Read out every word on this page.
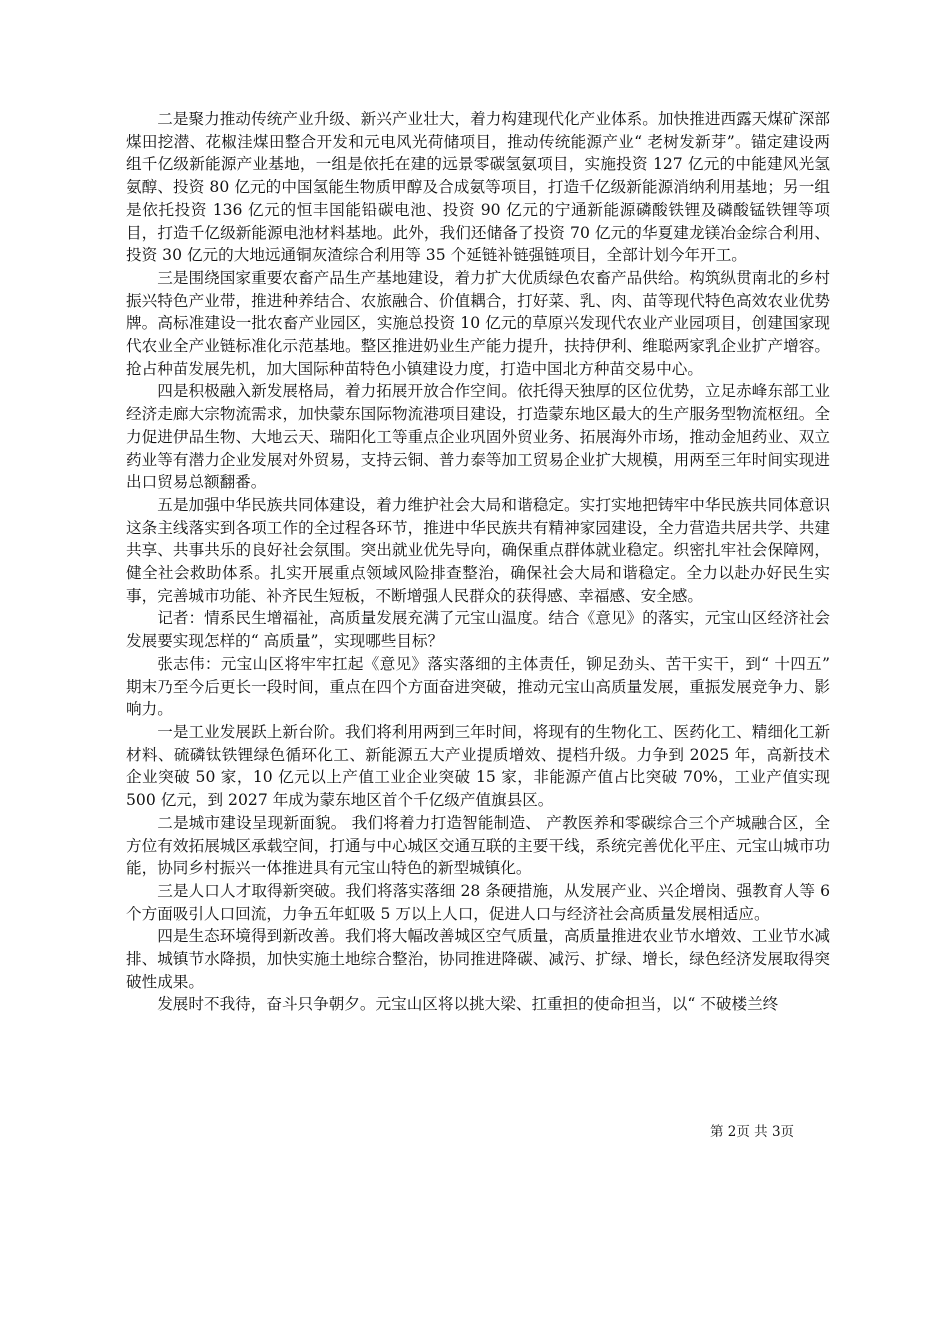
二是聚力推动传统产业升级、新兴产业壮大，着力构建现代化产业体系。加快推进西露天煤矿深部煤田挖潜、花椒洼煤田整合开发和元电风光荷储项目，推动传统能源产业“ 老树发新芽”。锚定建设两组千亿级新能源产业基地，一组是依托在建的远景零碳氢氨项目，实施投资 127 亿元的中能建风光氢氨醇、投资 80 亿元的中国氢能生物质甲醇及合成氨等项目，打造千亿级新能源消纳利用基地；另一组是依托投资 136 亿元的恒丰国能铅碳电池、投资 90 亿元的宁通新能源磷酸铁锂及磷酸锰铁锂等项目，打造千亿级新能源电池材料基地。此外，我们还储备了投资 70 亿元的华夏建龙镁冶金综合利用、投资 30 亿元的大地远通铜灰渣综合利用等 35 个延链补链强链项目，全部计划今年开工。

三是围绕国家重要农畜产品生产基地建设，着力扩大优质绿色农畜产品供给。构筑纵贯南北的乡村振兴特色产业带，推进种养结合、农旅融合、价值耦合，打好菜、乳、肉、苗等现代特色高效农业优势牌。高标准建设一批农畜产业园区，实施总投资 10 亿元的草原兴发现代农业产业园项目，创建国家现代农业全产业链标准化示范基地。整区推进奶业生产能力提升，扶持伊利、维聪两家乳企业扩产增容。抢占种苗发展先机，加大国际种苗特色小镇建设力度，打造中国北方种苗交易中心。

四是积极融入新发展格局，着力拓展开放合作空间。依托得天独厚的区位优势，立足赤峰东部工业经济走廊大宗物流需求，加快蒙东国际物流港项目建设，打造蒙东地区最大的生产服务型物流枢纽。全力促进伊品生物、大地云天、瑞阳化工等重点企业巩固外贸业务、拓展海外市场，推动金旭药业、双立药业等有潜力企业发展对外贸易，支持云铜、普力泰等加工贸易企业扩大规模，用两至三年时间实现进出口贸易总额翻番。

五是加强中华民族共同体建设，着力维护社会大局和谐稳定。实打实地把铸牢中华民族共同体意识这条主线落实到各项工作的全过程各环节，推进中华民族共有精神家园建设，全力营造共居共学、共建共享、共事共乐的良好社会氛围。突出就业优先导向，确保重点群体就业稳定。织密扎牢社会保障网，健全社会救助体系。扎实开展重点领域风险排查整治，确保社会大局和谐稳定。全力以赴办好民生实事，完善城市功能、补齐民生短板，不断增强人民群众的获得感、幸福感、安全感。

记者：情系民生增福祉，高质量发展充满了元宝山温度。结合《意见》的落实，元宝山区经济社会发展要实现怎样的“ 高质量”，实现哪些目标？

张志伟：元宝山区将牢牢扛起《意见》落实落细的主体责任，铆足劲头、苦干实干，到“ 十四五” 期末乃至今后更长一段时间，重点在四个方面奋进突破，推动元宝山高质量发展，重振发展竞争力、影响力。

一是工业发展跃上新台阶。我们将利用两到三年时间，将现有的生物化工、医药化工、精细化工新材料、硫磷钛铁锂绿色循环化工、新能源五大产业提质增效、提档升级。力争到 2025 年，高新技术企业突破 50 家，10 亿元以上产值工业企业突破 15 家，非能源产值占比突破 70%，工业产值实现 500 亿元，到 2027 年成为蒙东地区首个千亿级产值旗县区。

二是城市建设呈现新面貌。 我们将着力打造智能制造、 产教医养和零碳综合三个产城融合区，全方位有效拓展城区承载空间，打通与中心城区交通互联的主要干线，系统完善优化平庄、元宝山城市功能，协同乡村振兴一体推进具有元宝山特色的新型城镇化。

三是人口人才取得新突破。我们将落实落细 28 条硬措施，从发展产业、兴企增岗、强教育人等 6 个方面吸引人口回流，力争五年虹吸 5 万以上人口，促进人口与经济社会高质量发展相适应。

四是生态环境得到新改善。我们将大幅改善城区空气质量，高质量推进农业节水增效、工业节水减排、城镇节水降损，加快实施土地综合整治，协同推进降碳、减污、扩绿、增长，绿色经济发展取得突破性成果。

发展时不我待，奋斗只争朝夕。元宝山区将以挑大梁、扛重担的使命担当，以“ 不破楼兰终

第 2页 共 3页
